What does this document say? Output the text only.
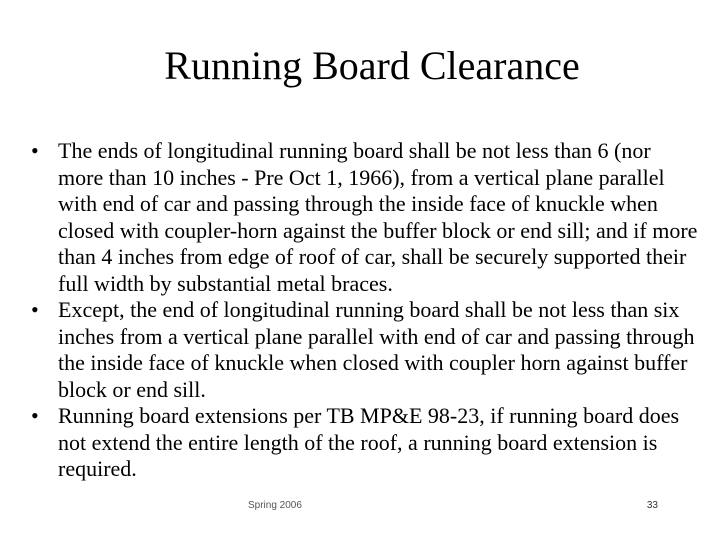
Running Board Clearance
• The ends of longitudinal running board shall be not less than 6 (nor more than 10 inches - Pre Oct 1, 1966), from a vertical plane parallel with end of car and passing through the inside face of knuckle when closed with coupler-horn against the buffer block or end sill; and if more than 4 inches from edge of roof of car, shall be securely supported their full width by substantial metal braces.
• Except, the end of longitudinal running board shall be not less than six inches from a vertical plane parallel with end of car and passing through the inside face of knuckle when closed with coupler horn against buffer block or end sill.
• Running board extensions per TB MP&E 98-23, if running board does not extend the entire length of the roof, a running board extension is required.
Spring 2006	33
